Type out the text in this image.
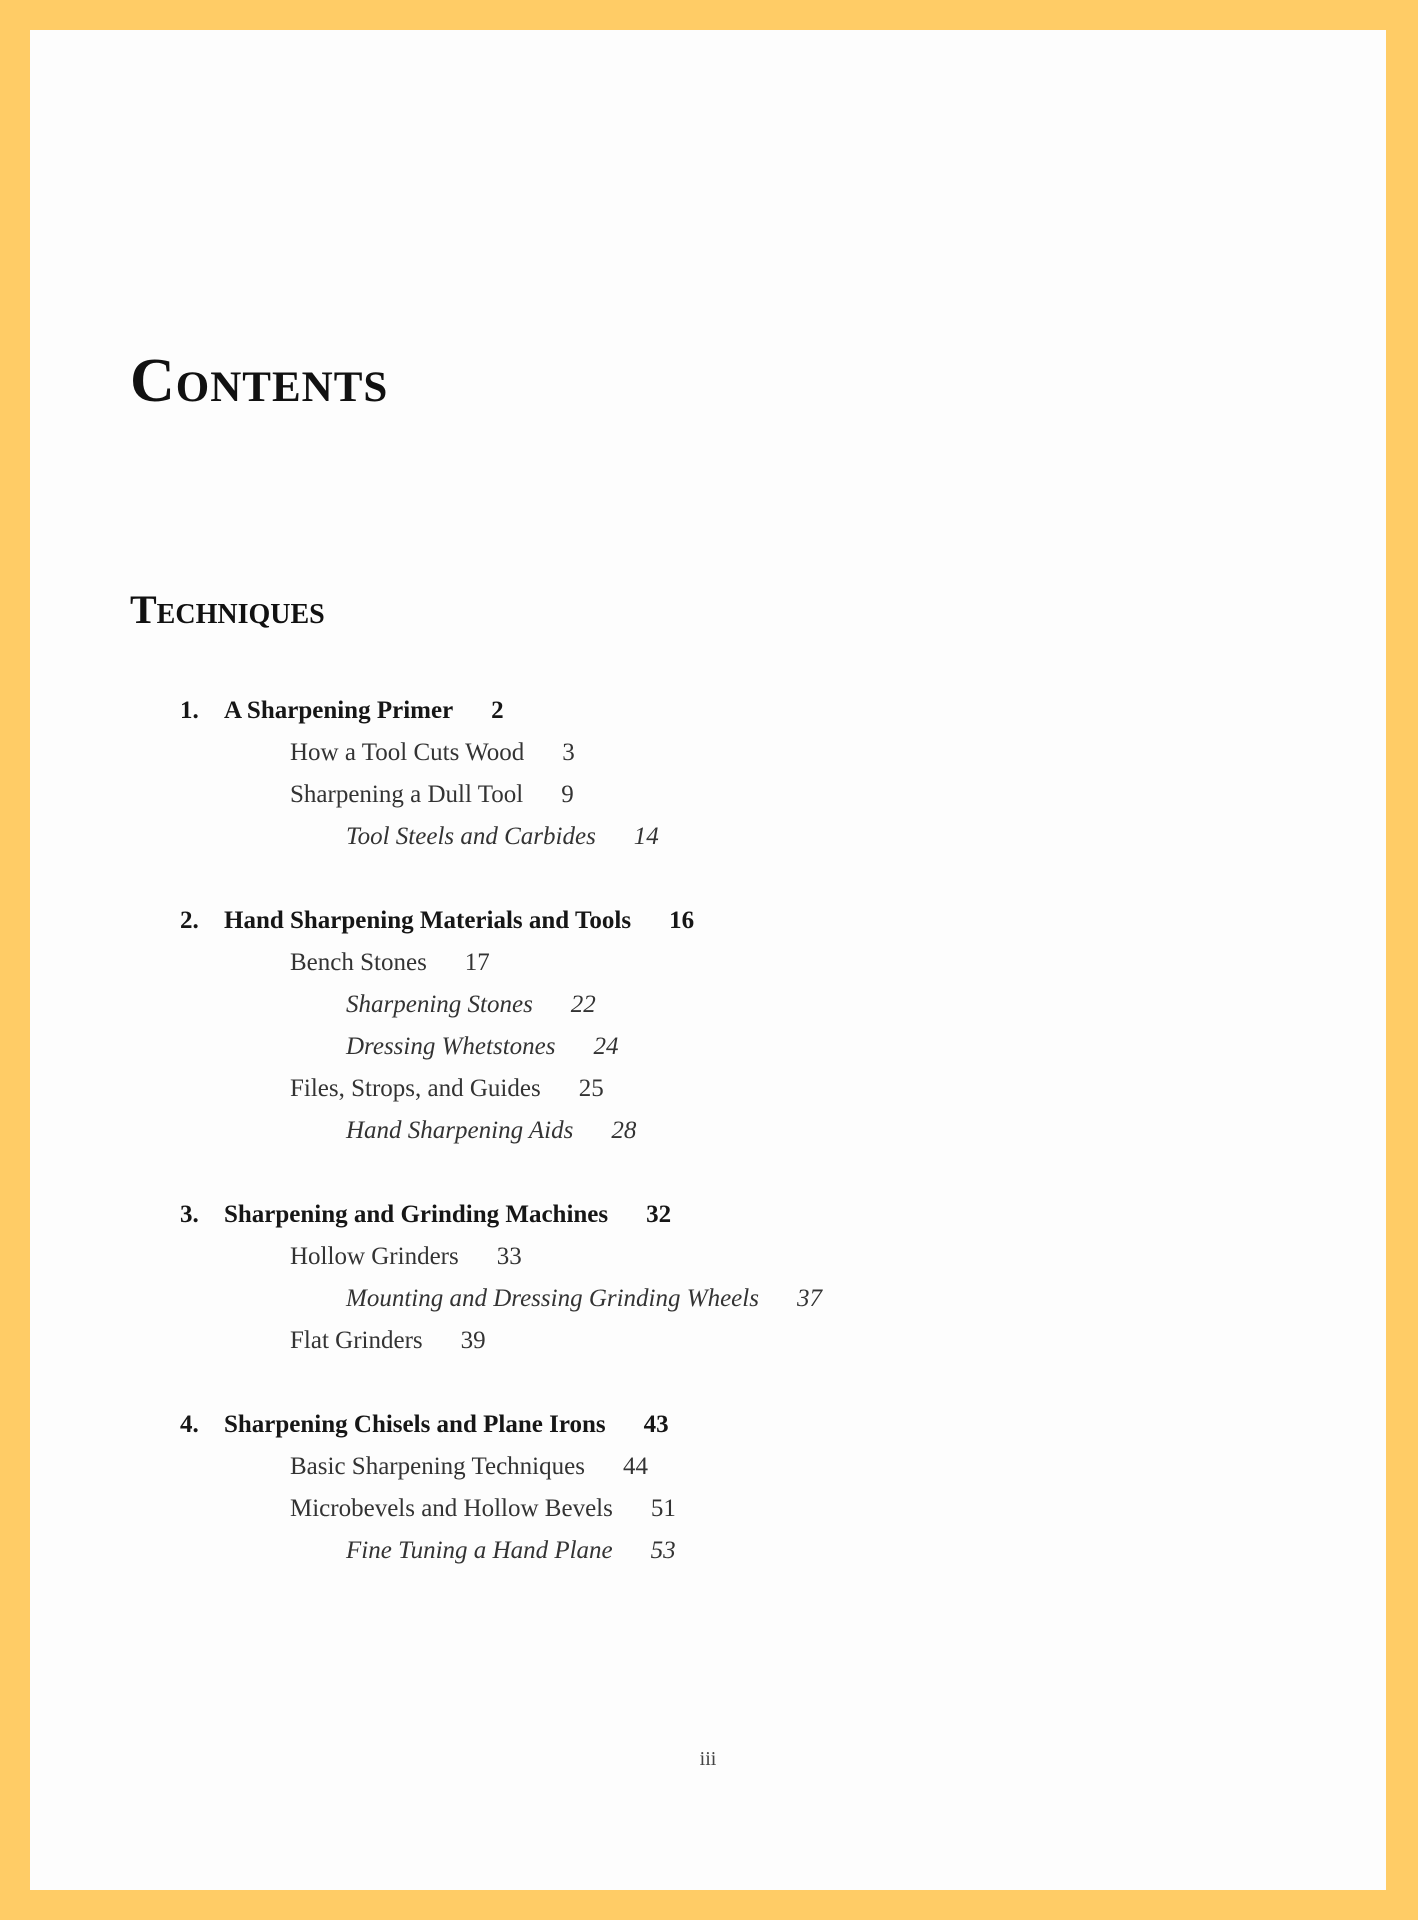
Contents
Techniques
1. A Sharpening Primer 2
How a Tool Cuts Wood 3
Sharpening a Dull Tool 9
Tool Steels and Carbides 14
2. Hand Sharpening Materials and Tools 16
Bench Stones 17
Sharpening Stones 22
Dressing Whetstones 24
Files, Strops, and Guides 25
Hand Sharpening Aids 28
3. Sharpening and Grinding Machines 32
Hollow Grinders 33
Mounting and Dressing Grinding Wheels 37
Flat Grinders 39
4. Sharpening Chisels and Plane Irons 43
Basic Sharpening Techniques 44
Microbevels and Hollow Bevels 51
Fine Tuning a Hand Plane 53
iii
